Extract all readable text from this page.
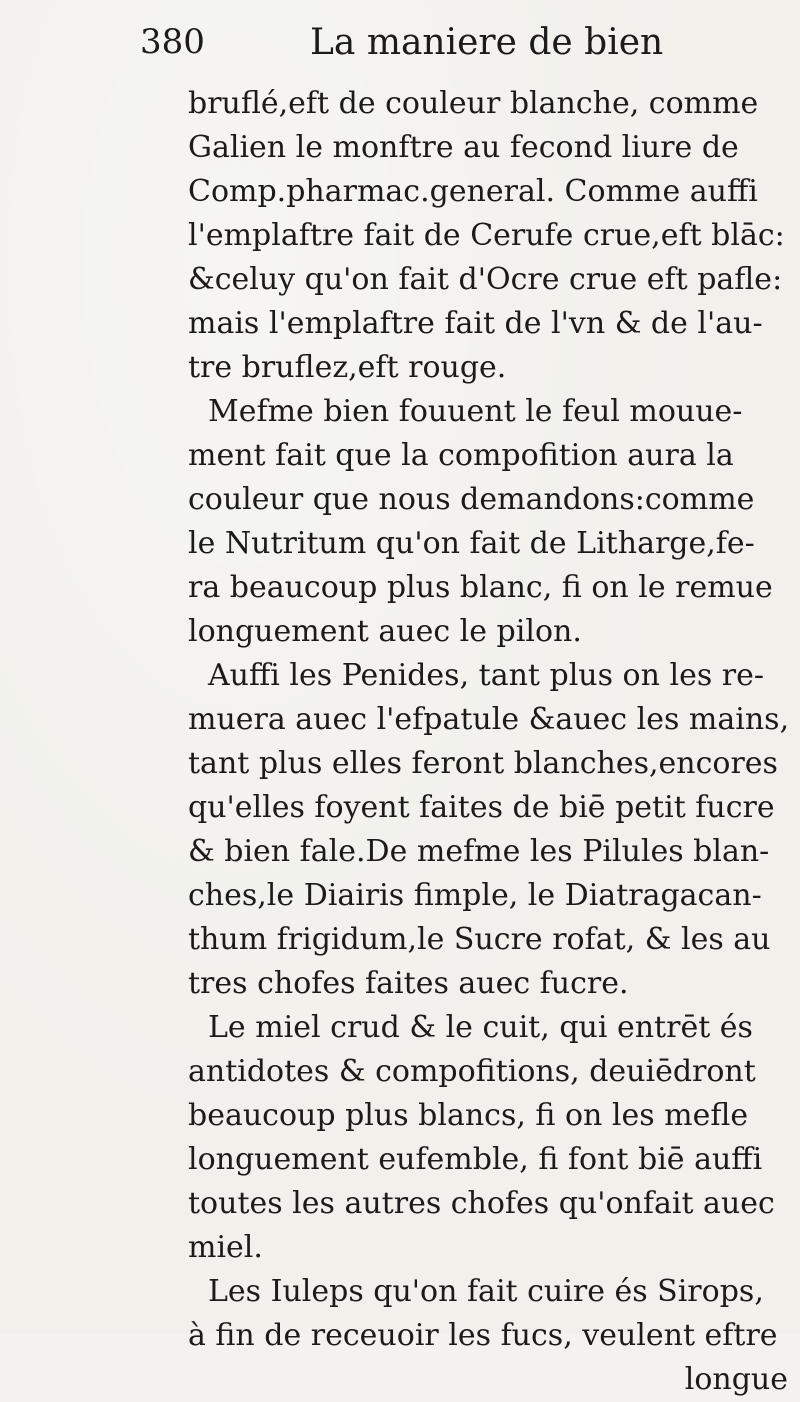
380	La maniere de bien
bruflé,eft de couleur blanche, comme
Galien le monftre au fecond liure de
Comp.pharmac.general. Comme auffi
l'emplaftre fait de Cerufe crue,eft blāc:
&celuy qu'on fait d'Ocre crue eft pafle:
mais l'emplaftre fait de l'vn & de l'au-
tre bruflez,eft rouge.
Mefme bien fouuent le feul mouue-
ment fait que la compofition aura la
couleur que nous demandons:comme
le Nutritum qu'on fait de Litharge,fe-
ra beaucoup plus blanc, fi on le remue
longuement auec le pilon.
Auffi les Penides, tant plus on les re-
muera auec l'efpatule &auec les mains,
tant plus elles feront blanches,encores
qu'elles foyent faites de biē petit fucre
& bien fale.De mefme les Pilules blan-
ches,le Diairis fimple, le Diatragacan-
thum frigidum,le Sucre rofat, & les au
tres chofes faites auec fucre.
Le miel crud & le cuit, qui entrēt és
antidotes & compofitions, deuiēdront
beaucoup plus blancs, fi on les mefle
longuement eufemble, fi font biē auffi
toutes les autres chofes qu'onfait auec
miel.
Les Iuleps qu'on fait cuire és Sirops,
à fin de receuoir les fucs, veulent eftre
longue
